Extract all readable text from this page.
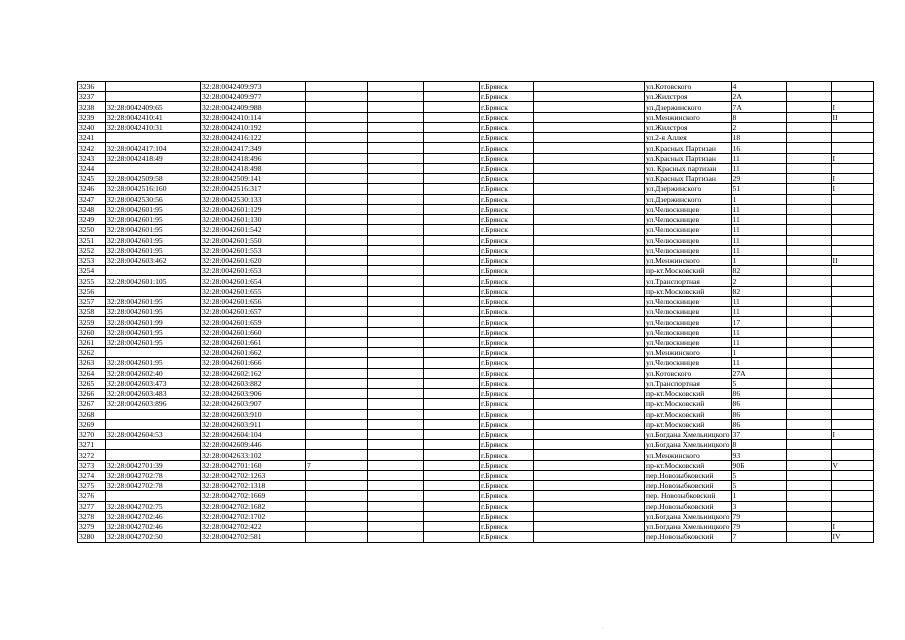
3236		32:28:0042409:973				г.Брянск		ул.Котовского	4		
3237		32:28:0042409:977				г.Брянск		ул.Жилстроя	2А		
3238	32:28:0042409:65	32:28:0042409:988				г.Брянск		ул.Дзержинского	7А		I
3239	32:28:0042410:41	32:28:0042410:114				г.Брянск		ул.Менжинского	8		II
3240	32:28:0042410:31	32:28:0042410:192				г.Брянск		ул.Жилстроя	2		
3241		32:28:0042416:122				г.Брянск		ул.2-я Аллея	18		
3242	32:28:0042417:104	32:28:0042417:349				г.Брянск		ул.Красных Партизан	16		
3243	32:28:0042418:49	32:28:0042418:496				г.Брянск		ул.Красных Партизан	11		I
3244		32:28:0042418:498				г.Брянск		ул. Красных партизан	11		
3245	32:28:0042509:58	32:28:0042509:141				г.Брянск		ул.Красных Партизан	29		I
3246	32:28:0042516:160	32:28:0042516:317				г.Брянск		ул.Дзержинского	51		I
3247	32:28:0042530:56	32:28:0042530:133				г.Брянск		ул.Дзержинского	1		
3248	32:28:0042601:95	32:28:0042601:129				г.Брянск		ул.Челюскинцев	11		
3249	32:28:0042601:95	32:28:0042601:130				г.Брянск		ул.Челюскинцев	11		
3250	32:28:0042601:95	32:28:0042601:542				г.Брянск		ул.Челюскинцев	11		
3251	32:28:0042601:95	32:28:0042601:550				г.Брянск		ул.Челюскинцев	11		
3252	32:28:0042601:95	32:28:0042601:553				г.Брянск		ул.Челюскинцев	11		
3253	32:28:0042603:462	32:28:0042601:620				г.Брянск		ул.Менжинского	1		II
3254		32:28:0042601:653				г.Брянск		пр-кт.Московский	82		
3255	32:28:0042601:105	32:28:0042601:654				г.Брянск		ул.Транспортная	2		
3256		32:28:0042601:655				г.Брянск		пр-кт.Московский	82		
3257	32:28:0042601:95	32:28:0042601:656				г.Брянск		ул.Челюскинцев	11		
3258	32:28:0042601:95	32:28:0042601:657				г.Брянск		ул.Челюскинцев	11		
3259	32:28:0042601:99	32:28:0042601:659				г.Брянск		ул.Челюскинцев	17		
3260	32:28:0042601:95	32:28:0042601:660				г.Брянск		ул.Челюскинцев	11		
3261	32:28:0042601:95	32:28:0042601:661				г.Брянск		ул.Челюскинцев	11		
3262		32:28:0042601:662				г.Брянск		ул.Менжинского	1		
3263	32:28:0042601:95	32:28:0042601:666				г.Брянск		ул.Челюскинцев	11		
3264	32:28:0042602:40	32:28:0042602:162				г.Брянск		ул.Котовского	27А		
3265	32:28:0042603:473	32:28:0042603:882				г.Брянск		ул.Транспортная	5		
3266	32:28:0042603:483	32:28:0042603:906				г.Брянск		пр-кт.Московский	86		
3267	32:28:0042603:896	32:28:0042603:907				г.Брянск		пр-кт.Московский	86		
3268		32:28:0042603:910				г.Брянск		пр-кт.Московский	86		
3269		32:28:0042603:911				г.Брянск		пр-кт.Московский	86		
3270	32:28:0042604:53	32:28:0042604:104				г.Брянск		ул.Богдана Хмельницкого	37		I
3271		32:28:0042609:446				г.Брянск		ул.Богдана Хмельницкого	8		
3272		32:28:0042633:102				г.Брянск		ул.Менжинского	93		
3273	32:28:0042701:39	32:28:0042701:160	7			г.Брянск		пр-кт.Московский	90Б		V
3274	32:28:0042702:78	32:28:0042702:1263				г.Брянск		пер.Новозыбковский	5		
3275	32:28:0042702:78	32:28:0042702:1318				г.Брянск		пер.Новозыбковский	5		
3276		32:28:0042702:1669				г.Брянск		пер. Новозыбковский	1		
3277	32:28:0042702:75	32:28:0042702:1682				г.Брянск		пер.Новозыбковский	3		
3278	32:28:0042702:46	32:28:0042702:1702				г.Брянск		ул.Богдана Хмельницкого	79		
3279	32:28:0042702:46	32:28:0042702:422				г.Брянск		ул.Богдана Хмельницкого	79		I
3280	32:28:0042702:50	32:28:0042702:581				г.Брянск		пер.Новозыбковский	7		IV
·
